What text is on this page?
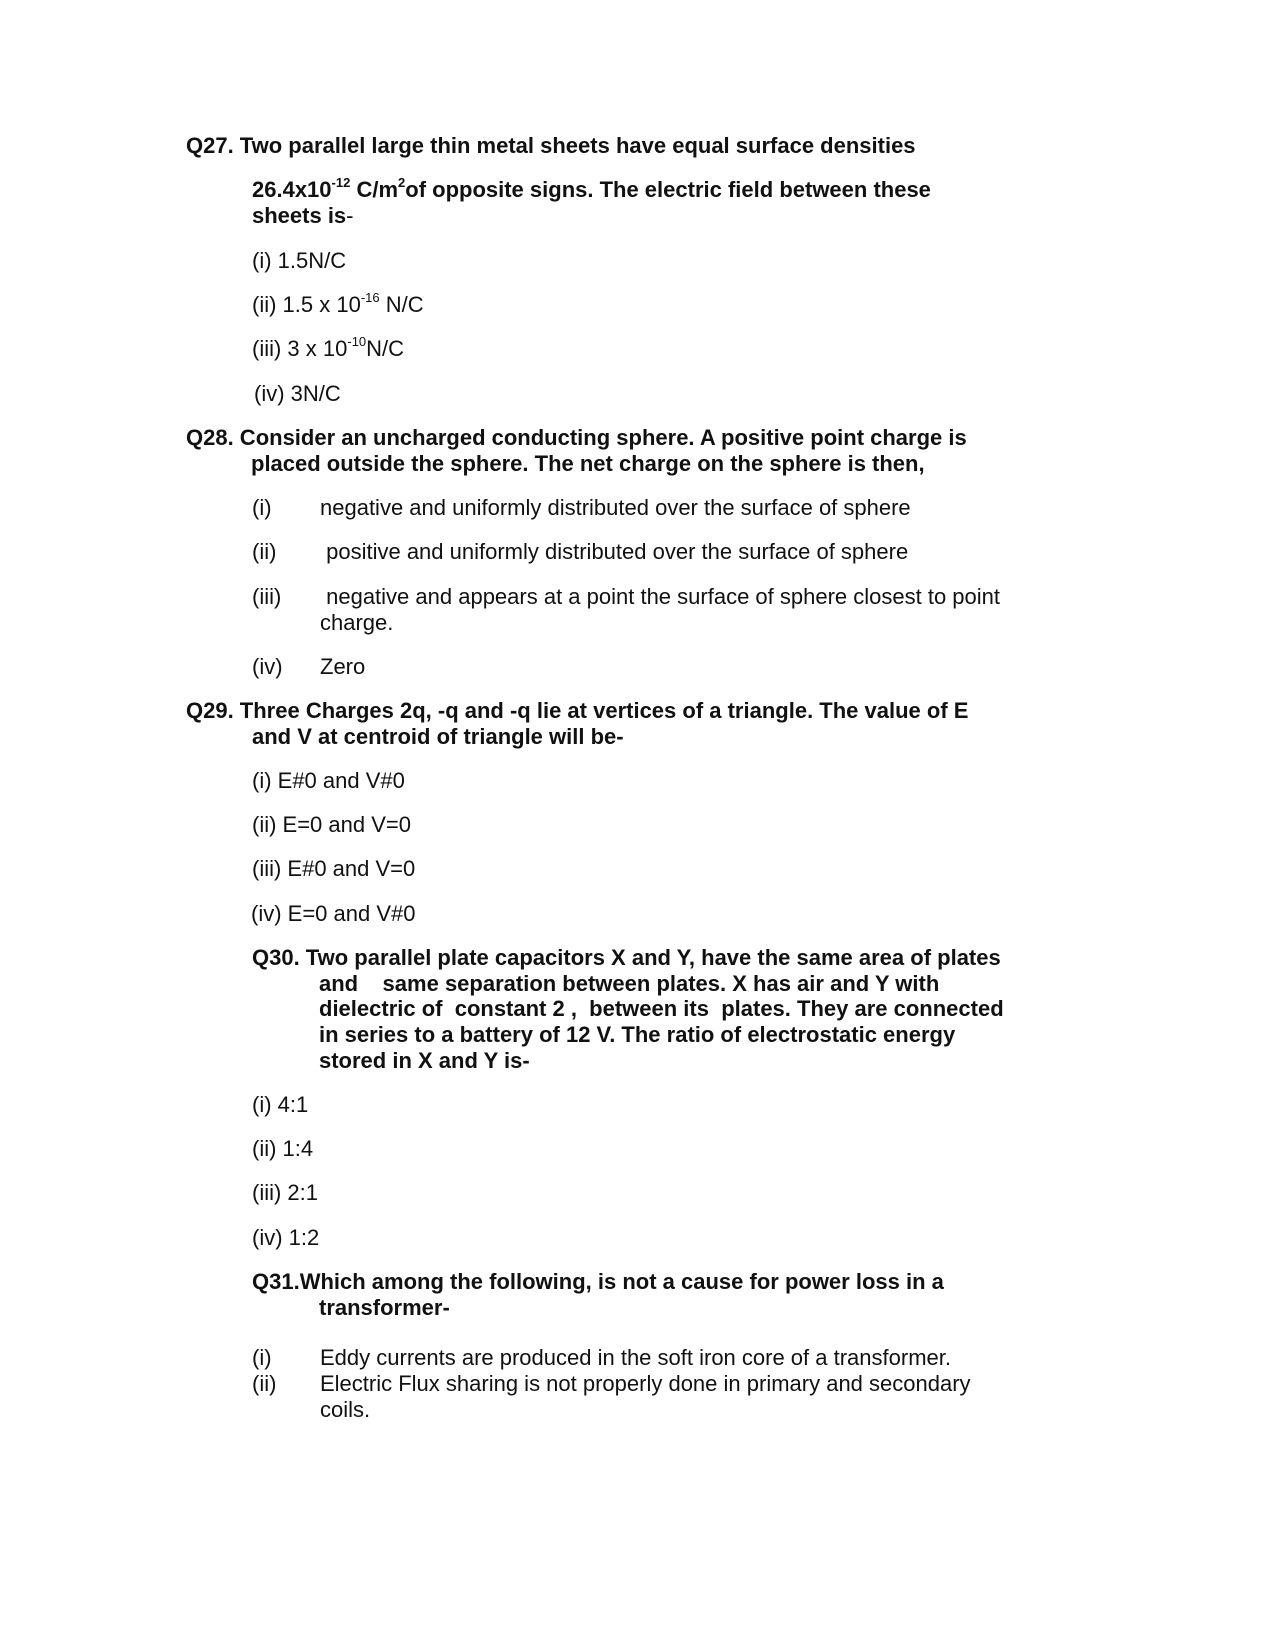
Q27. Two parallel large thin metal sheets have equal surface densities

$26.4x10^{-12}$ $C/m^2of$ opposite signs. The electric field between these

sheets is-

(i) 1.5N/C

(ii) 1.5 x $10^{-16}$ N/C

(iii) 3 x $10^{-10}N/C$

(iv) 3N/C

Q28. Consider an uncharged conducting sphere. A positive point charge is

placed outside the sphere. The net charge on the sphere is then,

(i) negative and uniformly distributed over the surface of sphere
(ii) positive and uniformly distributed over the surface of sphere
(iii) negative and appears at a point the surface of sphere closest to point
charge.
(iv) Zero

Q29. Three Charges 2q, -q and -q lie at vertices of a triangle. The value of E

and V at centroid of triangle will be-

(i) E#0 and V#0

(ii) E=0 and V=0

(iii) E#0 and V=0

(iv) E=0 and V#0

Q30. Two parallel plate capacitors X and Y, have the same area of plates

and    same separation between plates. X has air and Y with

dielectric of  constant 2 ,  between its  plates. They are connected

in series to a battery of 12 V. The ratio of electrostatic energy

stored in X and Y is-

(i) 4:1

(ii) 1:4

(iii) 2:1

(iv) 1:2

Q31.Which among the following, is not a cause for power loss in a

transformer-

(i) Eddy currents are produced in the soft iron core of a transformer.
(ii) Electric Flux sharing is not properly done in primary and secondary
coils.
